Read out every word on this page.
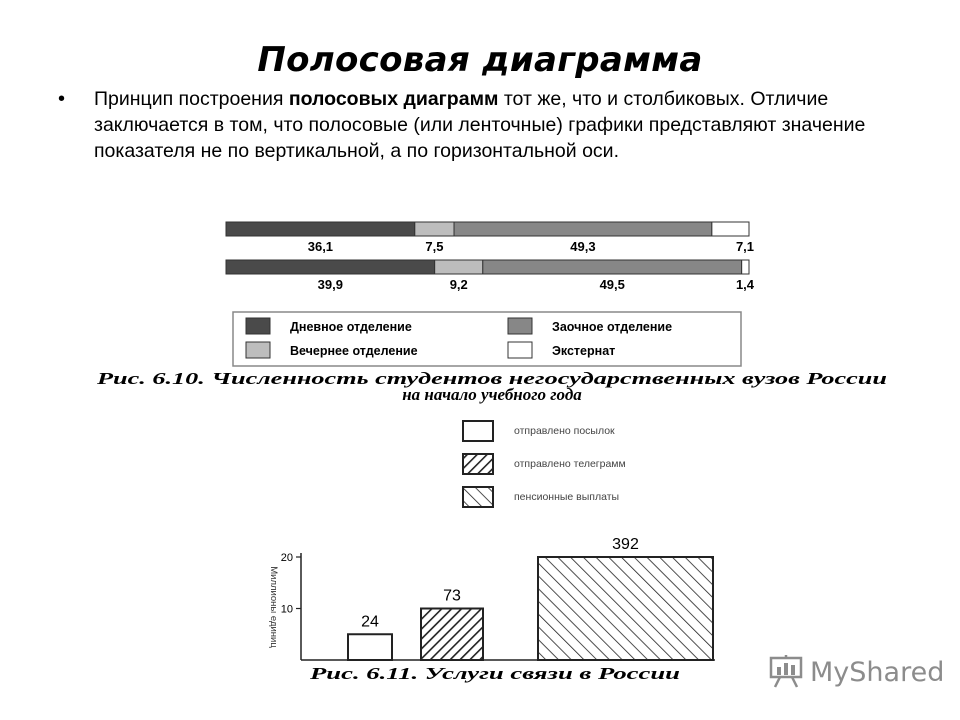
Полосовая диаграмма
• Принцип построения полосовых диаграмм тот же, что и столбиковых. Отличие заключается в том, что полосовые (или ленточные) графики представляют значение показателя не по вертикальной, а по горизонтальной оси.
36,1	7,5	49,3	7,1
39,9	9,2	49,5	1,4
Дневное отделение	Заочное отделение
Вечернее отделение	Экстернат
Рис. 6.10. Численность студентов негосударственных вузов России
на начало учебного года
отправлено посылок
отправлено телеграмм
пенсионные выплаты
20
10
Миллионы единиц	24
73
392
Рис. 6.11. Услуги связи в России	MyShared
